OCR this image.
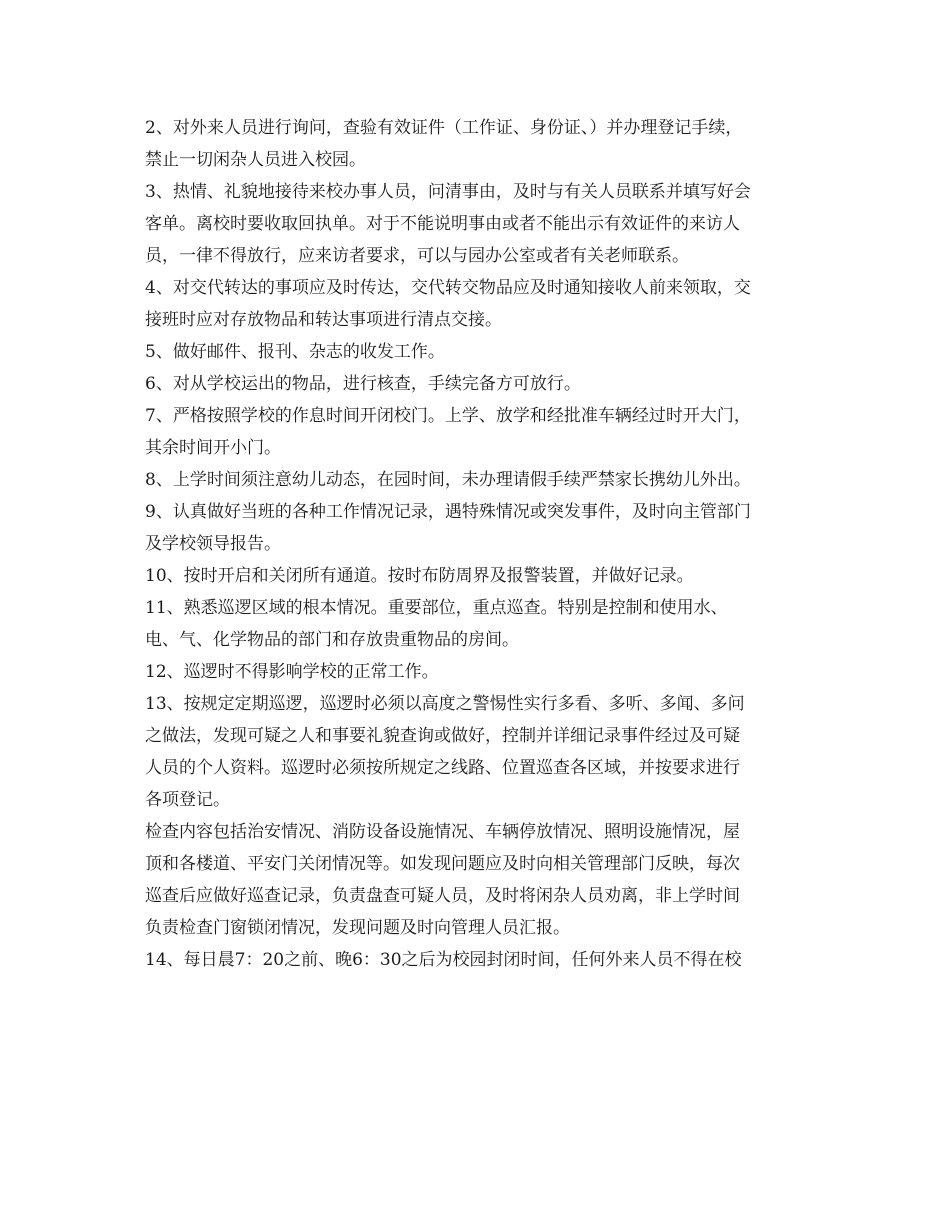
2、对外来人员进行询问，查验有效证件（工作证、身份证、）并办理登记手续，
禁止一切闲杂人员进入校园。
3、热情、礼貌地接待来校办事人员，问清事由，及时与有关人员联系并填写好会
客单。离校时要收取回执单。对于不能说明事由或者不能出示有效证件的来访人
员，一律不得放行，应来访者要求，可以与园办公室或者有关老师联系。
4、对交代转达的事项应及时传达，交代转交物品应及时通知接收人前来领取，交
接班时应对存放物品和转达事项进行清点交接。
5、做好邮件、报刊、杂志的收发工作。
6、对从学校运出的物品，进行核查，手续完备方可放行。
7、严格按照学校的作息时间开闭校门。上学、放学和经批准车辆经过时开大门，
其余时间开小门。
8、上学时间须注意幼儿动态，在园时间，未办理请假手续严禁家长携幼儿外出。
9、认真做好当班的各种工作情况记录，遇特殊情况或突发事件，及时向主管部门
及学校领导报告。
10、按时开启和关闭所有通道。按时布防周界及报警装置，并做好记录。
11、熟悉巡逻区域的根本情况。重要部位，重点巡查。特别是控制和使用水、
电、气、化学物品的部门和存放贵重物品的房间。
12、巡逻时不得影响学校的正常工作。
13、按规定定期巡逻，巡逻时必须以高度之警惕性实行多看、多听、多闻、多问
之做法，发现可疑之人和事要礼貌查询或做好，控制并详细记录事件经过及可疑
人员的个人资料。巡逻时必须按所规定之线路、位置巡查各区域，并按要求进行
各项登记。
检查内容包括治安情况、消防设备设施情况、车辆停放情况、照明设施情况，屋
顶和各楼道、平安门关闭情况等。如发现问题应及时向相关管理部门反映，每次
巡查后应做好巡查记录，负责盘查可疑人员，及时将闲杂人员劝离，非上学时间
负责检查门窗锁闭情况，发现问题及时向管理人员汇报。
14、每日晨7：20之前、晚6：30之后为校园封闭时间，任何外来人员不得在校
